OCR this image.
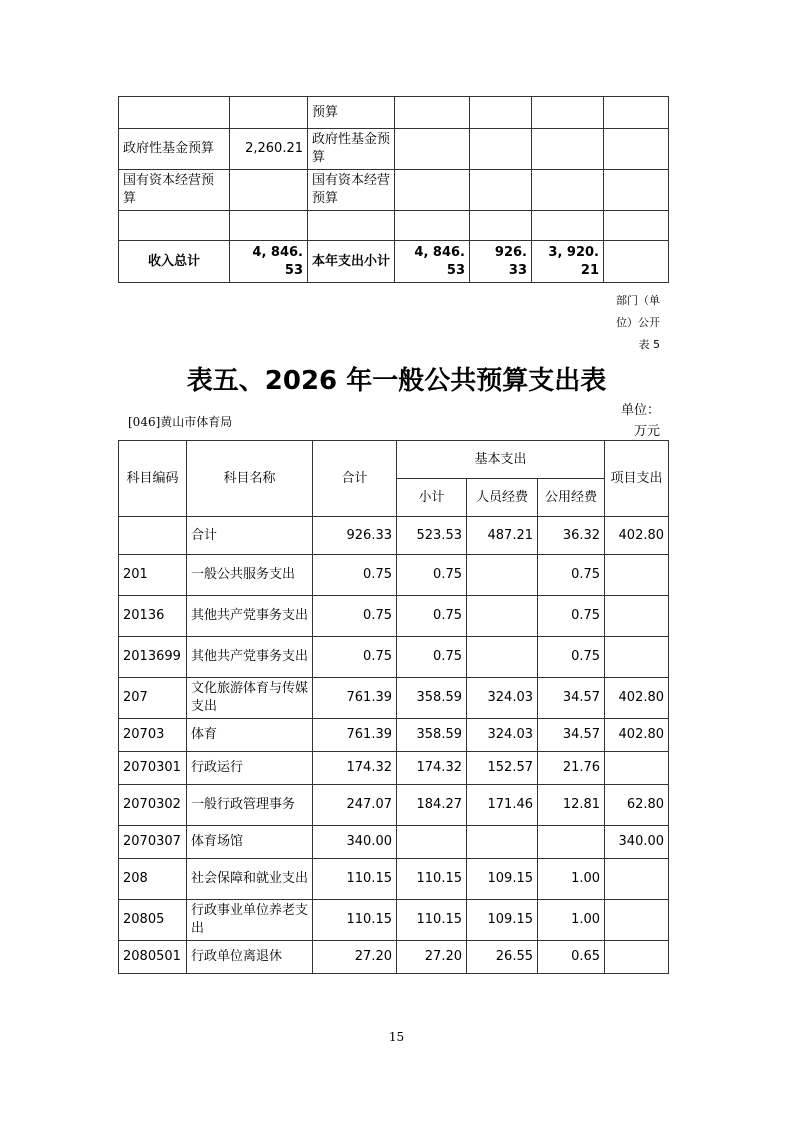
		预算				
政府性基金预算	2,260.21	政府性基金预算				
国有资本经营预算		国有资本经营预算				

收入总计	4, 846. 53	本年支出小计	4, 846. 53	926. 33	3, 920. 21	
部门（单
位）公开
表 5
表五、2026 年一般公共预算支出表
[046]黄山市体育局
单位：
万元
科目编码	科目名称	合计	基本支出			项目支出
			小计	人员经费	公用经费	
	合计	926.33	523.53	487.21	36.32	402.80
201	一般公共服务支出	0.75	0.75		0.75	
20136	其他共产党事务支出	0.75	0.75		0.75	
2013699	其他共产党事务支出	0.75	0.75		0.75	
207	文化旅游体育与传媒支出	761.39	358.59	324.03	34.57	402.80
20703	体育	761.39	358.59	324.03	34.57	402.80
2070301	行政运行	174.32	174.32	152.57	21.76	
2070302	一般行政管理事务	247.07	184.27	171.46	12.81	62.80
2070307	体育场馆	340.00				340.00
208	社会保障和就业支出	110.15	110.15	109.15	1.00	
20805	行政事业单位养老支出	110.15	110.15	109.15	1.00	
2080501	行政单位离退休	27.20	27.20	26.55	0.65	
15
